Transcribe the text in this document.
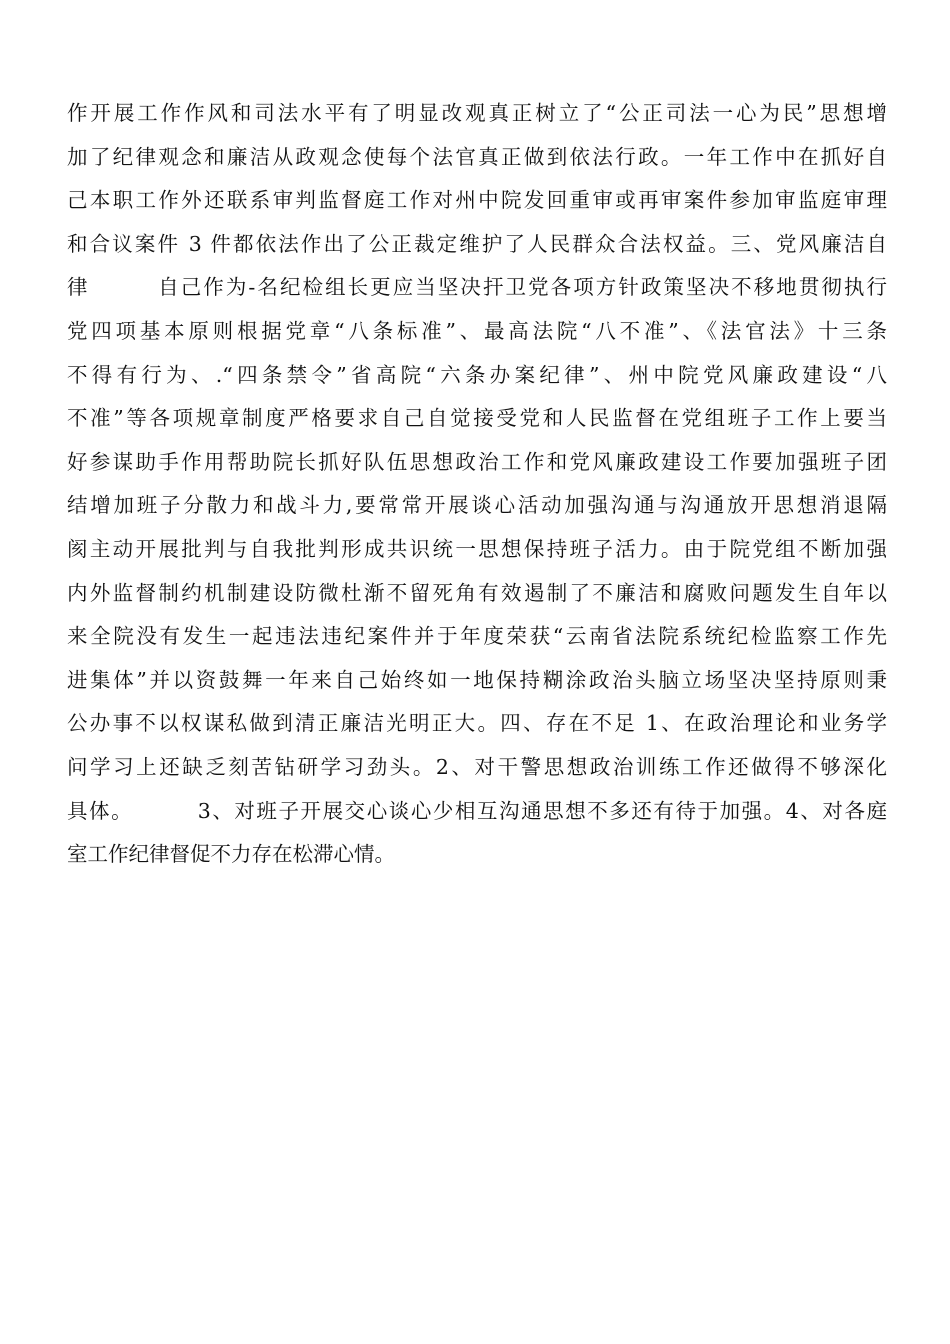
作开展工作作风和司法水平有了明显改观真正树立了“公正司法一心为民”思想增
加了纪律观念和廉洁从政观念使每个法官真正做到依法行政。一年工作中在抓好自
己本职工作外还联系审判监督庭工作对州中院发回重审或再审案件参加审监庭审理
和合议案件 3 件都依法作出了公正裁定维护了人民群众合法权益。三、党风廉洁自
律        自己作为-名纪检组长更应当坚决扞卫党各项方针政策坚决不移地贯彻执行
党四项基本原则根据党章“八条标准”、最高法院“八不准”、《法官法》十三条
不得有行为、.“四条禁令”省高院“六条办案纪律”、州中院党风廉政建设“八
不准”等各项规章制度严格要求自己自觉接受党和人民监督在党组班子工作上要当
好参谋助手作用帮助院长抓好队伍思想政治工作和党风廉政建设工作要加强班子团
结增加班子分散力和战斗力,要常常开展谈心活动加强沟通与沟通放开思想消退隔
阂主动开展批判与自我批判形成共识统一思想保持班子活力。由于院党组不断加强
内外监督制约机制建设防微杜渐不留死角有效遏制了不廉洁和腐败问题发生自年以
来全院没有发生一起违法违纪案件并于年度荣获“云南省法院系统纪检监察工作先
进集体”并以资鼓舞一年来自己始终如一地保持糊涂政治头脑立场坚决坚持原则秉
公办事不以权谋私做到清正廉洁光明正大。四、存在不足 1、在政治理论和业务学
问学习上还缺乏刻苦钻研学习劲头。2、对干警思想政治训练工作还做得不够深化
具体。        3、对班子开展交心谈心少相互沟通思想不多还有待于加强。4、对各庭
室工作纪律督促不力存在松滞心情。
